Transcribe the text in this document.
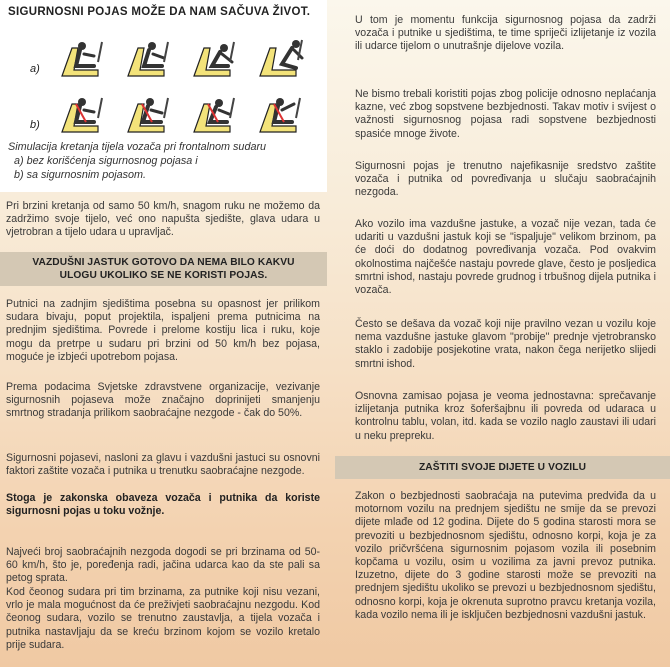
SIGURNOSNI POJAS MOŽE DA NAM SAČUVA ŽIVOT.
a)
b)
Simulacija kretanja tijela vozača pri frontalnom sudaru
a) bez korišćenja sigurnosnog pojasa i
b) sa sigurnosnim pojasom.

Pri brzini kretanja od samo 50 km/h, snagom ruku ne možemo da zadržimo svoje tijelo, već ono napušta sjedište, glava udara u vjetrobran a tijelo udara u upravljač.

VAZDUŠNI JASTUK GOTOVO DA NEMA BILO KAKVU
ULOGU UKOLIKO SE NE KORISTI POJAS.

Putnici na zadnjim sjedištima posebna su opasnost jer prilikom sudara bivaju, poput projektila, ispaljeni prema putnicima na prednjim sjedištima. Povrede i prelome kostiju lica i ruku, koje mogu da pretrpe u sudaru pri brzini od 50 km/h bez pojasa, moguće je izbjeći upotrebom pojasa.

Prema podacima Svjetske zdravstvene organizacije, vezivanje sigurnosnih pojaseva može značajno doprinijeti smanjenju smrtnog stradanja prilikom saobraćajne nezgode - čak do 50%.

Sigurnosni pojasevi, nasloni za glavu i vazdušni jastuci su osnovni faktori zaštite vozača i putnika u trenutku saobraćajne nezgode.

Stoga je zakonska obaveza vozača i putnika da koriste sigurnosni pojas u toku vožnje.

Najveći broj saobraćajnih nezgoda dogodi se pri brzinama od 50-60 km/h, što je, poređenja radi, jačina udarca kao da ste pali sa petog sprata.

Kod čeonog sudara pri tim brzinama, za putnike koji nisu vezani, vrlo je mala mogućnost da će preživjeti saobraćajnu nezgodu. Kod čeonog sudara, vozilo se trenutno zaustavlja, a tijela vozača i putnika nastavljaju da se kreću brzinom kojom se vozilo kretalo prije sudara.

U tom je momentu funkcija sigurnosnog pojasa da zadrži vozača i putnike u sjedištima, te time spriječi izlijetanje iz vozila ili udarce tijelom o unutrašnje dijelove vozila.

Ne bismo trebali koristiti pojas zbog policije odnosno neplaćanja kazne, već zbog sopstvene bezbjednosti. Takav motiv i svijest o važnosti sigurnosnog pojasa radi sopstvene bezbjednosti spasiće mnoge živote.

Sigurnosni pojas je trenutno najefikasnije sredstvo zaštite vozača i putnika od povređivanja u slučaju saobraćajnih nezgoda.

Ako vozilo ima vazdušne jastuke, a vozač nije vezan, tada će udariti u vazdušni jastuk koji se "ispaljuje" velikom brzinom, pa će doći do dodatnog povređivanja vozača. Pod ovakvim okolnostima najčešće nastaju povrede glave, često je posljedica smrtni ishod, nastaju povrede grudnog i trbušnog dijela putnika i vozača.

Često se dešava da vozač koji nije pravilno vezan u vozilu koje nema vazdušne jastuke glavom "probije" prednje vjetrobransko staklo i zadobije posjekotine vrata, nakon čega nerijetko slijedi smrtni ishod.

Osnovna zamisao pojasa je veoma jednostavna: sprečavanje izlijetanja putnika kroz šoferšajbnu ili povreda od udaraca u kontrolnu tablu, volan, itd. kada se vozilo naglo zaustavi ili udari u neku prepreku.

ZAŠTITI SVOJE DIJETE U VOZILU

Zakon o bezbjednosti saobraćaja na putevima predviđa da u motornom vozilu na prednjem sjedištu ne smije da se prevozi dijete mlađe od 12 godina. Dijete do 5 godina starosti mora se prevoziti u bezbjednosnom sjedištu, odnosno korpi, koja je za vozilo pričvršćena sigurnosnim pojasom vozila ili posebnim kopčama u vozilu, osim u vozilima za javni prevoz putnika. Izuzetno, dijete do 3 godine starosti može se prevoziti na prednjem sjedištu ukoliko se prevozi u bezbjednosnom sjedištu, odnosno korpi, koja je okrenuta suprotno pravcu kretanja vozila, kada vozilo nema ili je isključen bezbjednosni vazdušni jastuk.
